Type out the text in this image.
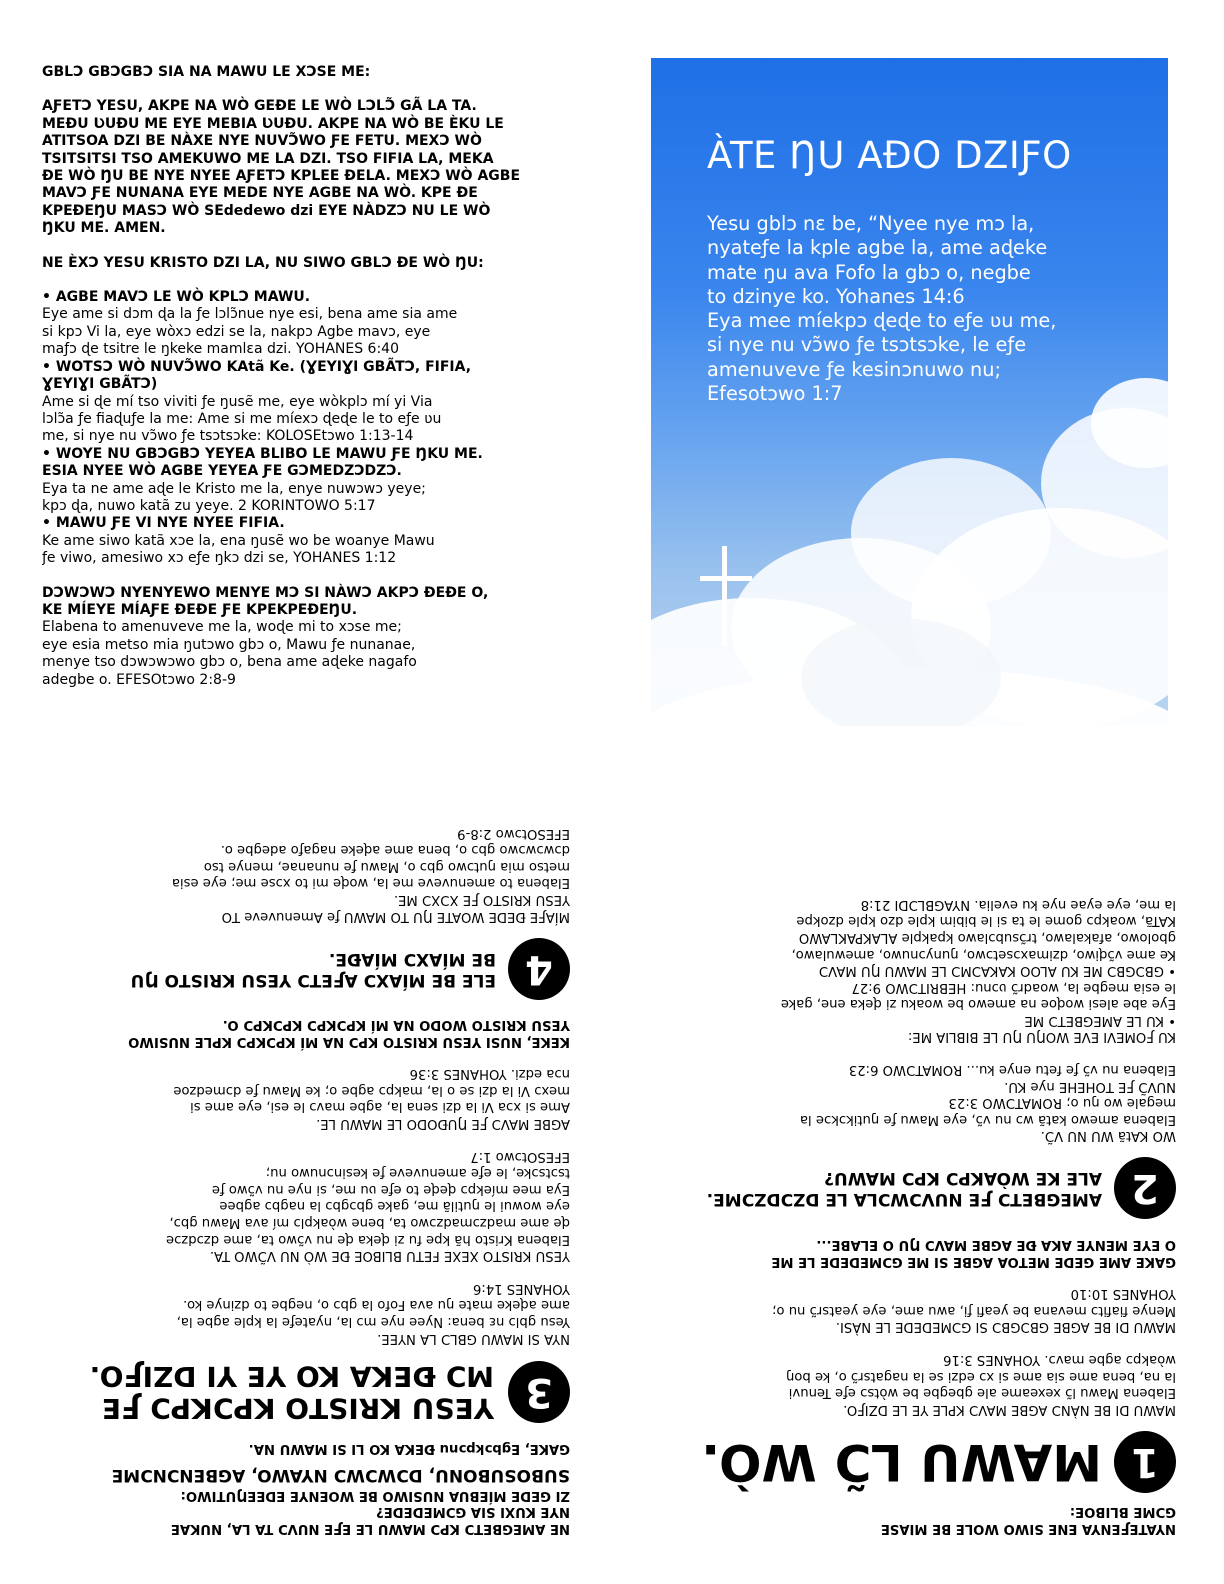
GBLƆ GBƆGBƆ SIA NA MAWU LE XƆSE ME:

AƑETƆ YESU, AKPE NA WÒ GEÐE LE WÒ LƆLƆ̃ GÃ LA TA.
MEÐU ƲUÐU ME EYE MEBIA ƲUÐU. AKPE NA WÒ BE ÈKU LE
ATITSOA DZI BE NÀXE NYE NUVƆ̃WO ƑE FETU. MEXƆ WÒ
TSITSITSI TSO AMEKUWO ME LA DZI. TSO FIFIA LA, MEKA
ÐE WÒ ŊU BE NYE NYEE AƑETƆ KPLEE ÐELA. MEXƆ WÒ AGBE
MAVƆ ƑE NUNANA EYE MEDE NYE AGBE NA WÒ. KPE ÐE
KPEÐEŊU MASƆ WÒ SEdedewo dzi EYE NÀDZƆ NU LE WÒ
ŊKU ME. AMEN.

NE ÈXƆ YESU KRISTO DZI LA, NU SIWO GBLƆ ÐE WÒ ŊU:

• AGBE MAVƆ LE WÒ KPLƆ MAWU.

Eye ame si dɔm ɖa la ƒe lɔlɔ̃nue nye esi, bena ame sia ame
si kpɔ Vi la, eye wòxɔ edzi se la, nakpɔ Agbe mavɔ, eye
maƒɔ ɖe tsitre le ŋkeke mamlɛa dzi. YOHANES 6:40

• WOTSƆ WÒ NUVƆ̃WO KAtã Ke. (ƔEYIƔI GBÃTƆ, FIFIA,
ƔEYIƔI GBÃTƆ)

Ame si ɖe mí tso viviti ƒe ŋusẽ me, eye wòkplɔ mí yi Via
lɔlɔ̃a ƒe fiaɖuƒe la me: Ame si me míexɔ ɖeɖe le to eƒe ʋu
me, si nye nu vɔ̃wo ƒe tsɔtsɔke: KOLOSEtɔwo 1:13-14

• WOYE NU GBƆGBƆ YEYEA BLIBO LE MAWU ƑE ŊKU ME.
ESIA NYEE WÒ AGBE YEYEA ƑE GƆMEDZƆDZƆ.

Eya ta ne ame aɖe le Kristo me la, enye nuwɔwɔ yeye;
kpɔ ɖa, nuwo katã zu yeye. 2 KORINTOWO 5:17

• MAWU ƑE VI NYE NYEE FIFIA.

Ke ame siwo katã xɔe la, ena ŋusẽ wo be woanye Mawu
ƒe viwo, amesiwo xɔ eƒe ŋkɔ dzi se, YOHANES 1:12

DƆWƆWƆ NYENYEWO MENYE MƆ SI NÀWƆ AKPƆ ÐEÐE O,
KE MÍEYE MÍAƑE ÐEÐE ƑE KPEKPEÐEŊU.

Elabena to amenuveve me la, woɖe mi to xɔse me;
eye esia metso mia ŋutɔwo gbɔ o, Mawu ƒe nunanae,
menye tso dɔwɔwɔwo gbɔ o, bena ame aɖeke nagafo
adegbe o. EFESOtɔwo 2:8-9

ÀTE ŊU AÐO DZIƑO

Yesu gblɔ nɛ be, “Nyee nye mɔ la,
nyateƒe la kple agbe la, ame aɖeke
mate ŋu ava Fofo la gbɔ o, negbe
to dzinye ko. Yohanes 14:6
Eya mee míekpɔ ɖeɖe to eƒe ʋu me,
si nye nu vɔ̃wo ƒe tsɔtsɔke, le eƒe
amenuveve ƒe kesinɔnuwo nu;
Efesotɔwo 1:7

NE AMEGBETƆ KPƆ MAWU LE EƑE NUVƆ̃ TA LA, NUKAE
NYE KUXI SIA GƆMEDEDE?

ZI GEDE MÍEBUA NUSIWO BE WOENYE EDEEŊUTIWO:

SUBOSUBONU, DƆWƆWƆ NYAWO, AGBENƆNƆME

GAKE, Egbɔkpɔnu ÐEKA KO LI SI MAWU NA.

3
YESU KRISTO KPƆKPƆ ƑE
MƆ ÐEKA KO YE YI DZIƑO.

NYA SI MAWU GBLƆ LA NYEE.
Yesu gblɔ nɛ bena: Nyee nye mɔ la, nyateƒe la kple agbe la,
ame aɖeke mate ŋu ava Fofo la gbɔ o, negbe to dzinye ko.
YOHANES 14:6

YESU KRISTO XEXE FETU BLIBOE ÐE WÒ NU VƆ̃WO TA.
Elabena Kristo hã kpe fu zi ɖeka ɖe nu vɔ̃wo ta, ame dzɔdzɔe
ɖe ame madzɔmadzɔwo ta, bene wòakplɔ mí ava Mawu gbɔ,
eye wowui le ŋutilã me, gake gbɔgbɔ la nagbɔ agbee
Eya mee míekpɔ ɖeɖe to eƒe ʋu me, si nye nu vɔ̃wo ƒe
tsɔtsɔke, le eƒe amenuveve ƒe kesinɔnuwo nu;
EFESOtɔwo 1:7

AGBE MAVƆ ƑE ŊUÐODO LE MAWU LE.
Ame si xɔa Vi la dzi sena la, agbe mavɔ le esi, eye ame si
mexɔ Vi la dzi se o la, makpɔ agbe o; ke Mawu ƒe dɔmedzoe
nɔa edzi. YOHANES 3:36

KEKE, NUSI YESU KRISTO KPƆ NA MÍ KPƆKPƆ KPLE NUSIWO
YESU KRISTO WODO NA MÍ KPƆKPƆ KPƆKPƆ O.

4
ELE BE MÍAXƆ AƑETƆ YESU KRISTO ŊU
BE MÍAXƆ MÍAÐE.

MÍAƑE ÐEDE WOATE ŊU TO MAWU ƒe Amenuveve TO
YESU KRISTO ƑE XƆXƆ ME.
Elabena to amenuveve me la, woɖe mi to xɔse me; eye esia
metso mia ŋutɔwo gbɔ o, Mawu ƒe nunanae, menye tso
dɔwɔwɔwo gbɔ o, bena ame aɖeke nagaƒo adegbe o.
EFESOtɔwo 2:8-9

NYATEƑENYA ENE SIWO WÒLE BE MÍASE
GƆME BLIBOE:

1
MAWU LƆ̃ WÒ.

MAWU DI BE NÀNƆ AGBE MAVƆ KPLE YE LE DZIƑO.
Elabena Mawu lɔ̃ xexeame ale gbegbe be wòtsɔ eƒe Tenuvi
la na, bena ame sia ame si xɔ edzi se la nagatsrɔ̃ o, ke boŋ
wòakpɔ agbe mavɔ. YOHANES 3:16

MAWU DI BE AGBE GBƆGBƆ SI GƆMEDEDE LE NÀSI.
Menye fiafitɔ mevana be yeafi ƒi, awu ame, eye yeatsrɔ̃ nu o;
YOHANES 10:10

GAKE AME GEDE METOA AGBE SI ME GƆMEDEDE LE ME
O EYE MENYE AKA ÐE AGBE MAVƆ ŊU O ELABE...

2
AMEGBETƆ ƑE NUVƆWƆLA LE DZƆDZƆME.
ALE KE WÒAKPƆ KPƆ MAWU?

WO KAtã WU NU VƆ̃.
Elabena amewo katã wɔ nu vɔ̃, eye Mawu ƒe ŋutikɔkɔe la
megale wo ŋu o; ROMATƆWO 3:23
NUVƆ̃ ƑE TOHEHE nye KU.
Elabena nu vɔ̃ ƒe fetu enye ku... ROMATƆWO 6:23

KU ƑOMEVI EVE WOŊU ŊU LE BIBLIA ME:
• KU LE AMEGBETƆ ME
Eye abe alesi woɖoe na amewo be woaku zi ɖeka ene, gake
le esia megbe la, woadrɔ̃ ʋɔnu: HEBRITƆWO 9:27
• GBƆGBƆ ME KU ALOO KAKAƆMƆ LE MAWU ŊU MAVƆ
Ke ame vɔ̃ɖiwo, dzimaxɔsetɔwo, ŋunyɔnuwo, amewulawo,
gbolowo, afakalawo, trɔ̃subɔlawo kpakple ALAKPAKLAWO
KATã, woakpɔ gome le ta si le bibim kple dzo kple dzokpe
la me, eye eyae nye ku evelia. NYAGBLƆDI 21:8
